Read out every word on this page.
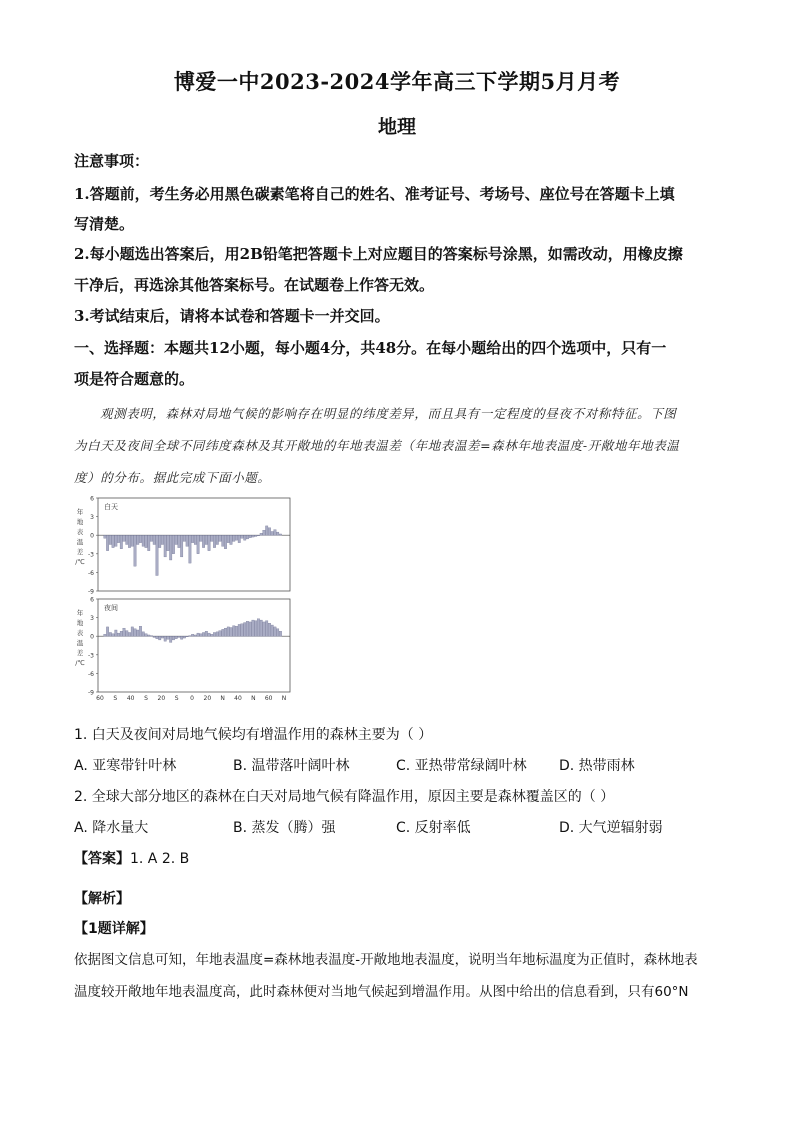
博爱一中2023-2024学年高三下学期5月月考
地理
注意事项：
1.答题前，考生务必用黑色碳素笔将自己的姓名、准考证号、考场号、座位号在答题卡上填
写清楚。
2.每小题选出答案后，用2B铅笔把答题卡上对应题目的答案标号涂黑，如需改动，用橡皮擦
干净后，再选涂其他答案标号。在试题卷上作答无效。
3.考试结束后，请将本试卷和答题卡一并交回。
一、选择题：本题共12小题，每小题4分，共48分。在每小题给出的四个选项中，只有一
项是符合题意的。

观测表明，森林对局地气候的影响存在明显的纬度差异，而且具有一定程度的昼夜不对称特征。下图

为白天及夜间全球不同纬度森林及其开敞地的年地表温差（年地表温差=森林年地表温度-开敞地年地表温

度）的分布。据此完成下面小题。

6
3
0
-3
-6
-9
白天
年地表温差/℃
6
3
0
-3
-6
-9
夜间
年地表温差/℃
60 S 40 S 20 S 0 20 N 40 N 60 N
1. 白天及夜间对局地气候均有增温作用的森林主要为（ ）
A. 亚寒带针叶林	B. 温带落叶阔叶林	C. 亚热带常绿阔叶林 D. 热带雨林
2. 全球大部分地区的森林在白天对局地气候有降温作用，原因主要是森林覆盖区的（ ）
A. 降水量大	B. 蒸发（腾）强	C. 反射率低	D. 大气逆辐射弱
【答案】1. A 2. B
【解析】
【1题详解】

依据图文信息可知，年地表温度=森林地表温度-开敞地地表温度，说明当年地标温度为正值时，森林地表

温度较开敞地年地表温度高，此时森林便对当地气候起到增温作用。从图中给出的信息看到，只有60°N
